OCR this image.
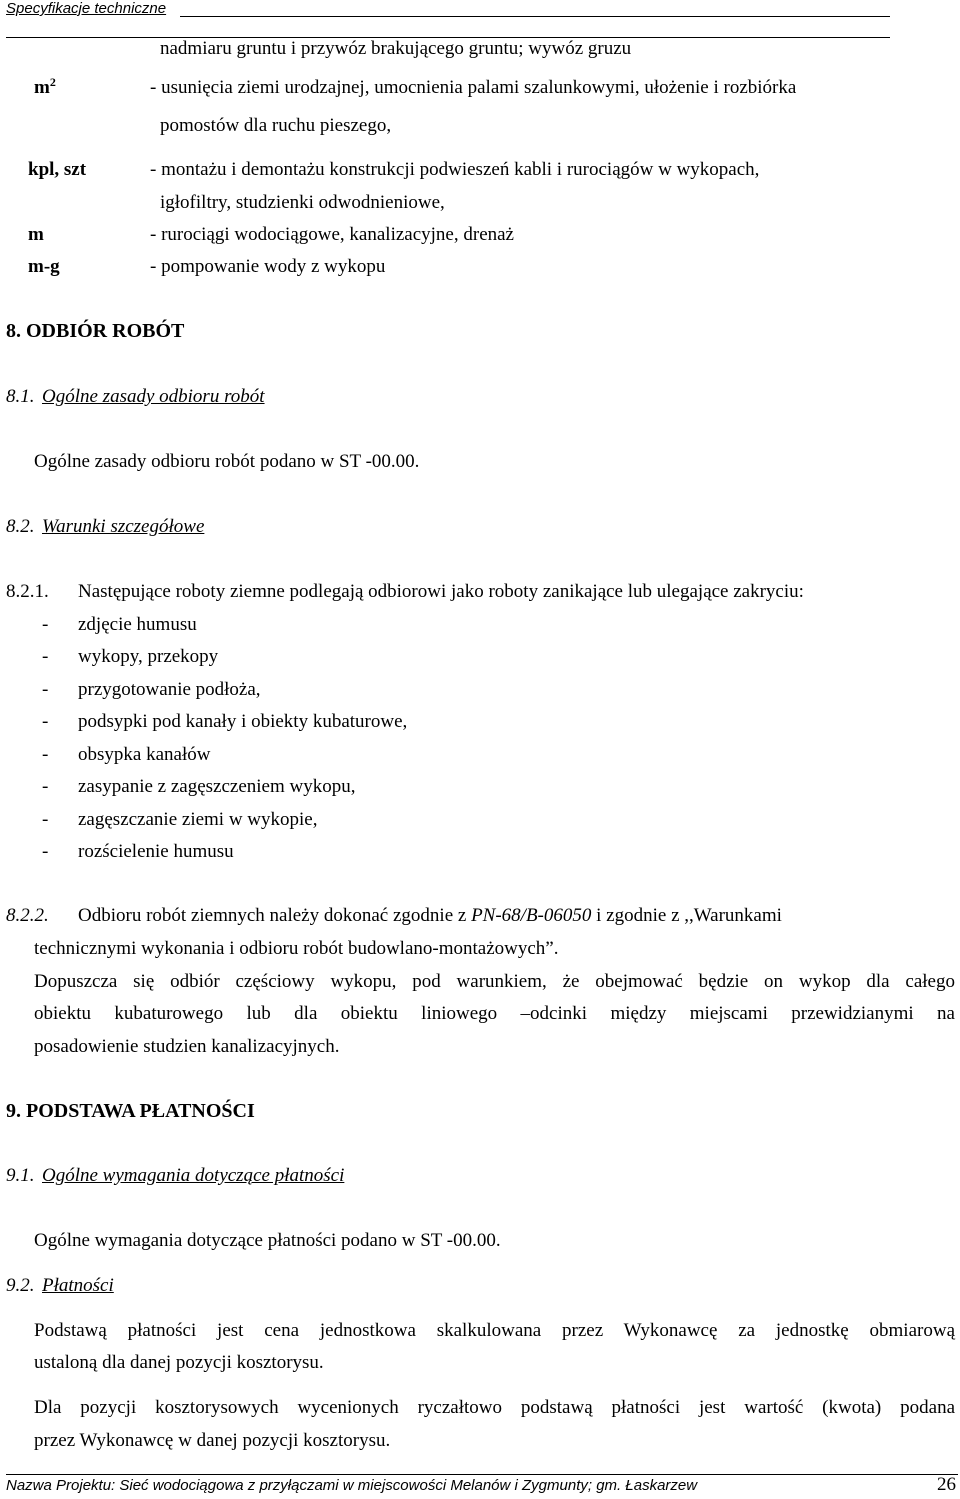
Specyfikacje techniczne
$m^2$
kpl, szt
m
m-g
nadmiaru gruntu i przywóz brakującego gruntu; wywóz gruzu
- usunięcia ziemi urodzajnej, umocnienia palami szalunkowymi, ułożenie i rozbiórka
pomostów dla ruchu pieszego,
- montażu i demontażu konstrukcji podwieszeń kabli i rurociągów w wykopach,
igłofiltry, studzienki odwodnieniowe,
- rurociągi wodociągowe, kanalizacyjne, drenaż
- pompowanie wody z wykopu
8. ODBIÓR ROBÓT
8.1. Ogólne zasady odbioru robót
Ogólne zasady odbioru robót podano w ST -00.00.
8.2. Warunki szczegółowe
8.2.1. Następujące roboty ziemne podlegają odbiorowi jako roboty zanikające lub ulegające zakryciu:
- zdjęcie humusu
- wykopy, przekopy
- przygotowanie podłoża,
- podsypki pod kanały i obiekty kubaturowe,
- obsypka kanałów
- zasypanie z zagęszczeniem wykopu,
- zagęszczanie ziemi w wykopie,
- rozścielenie humusu
8.2.2. Odbioru robót ziemnych należy dokonać zgodnie z PN-68/B-06050 i zgodnie z ,,Warunkami
technicznymi wykonania i odbioru robót budowlano-montażowych”.
Dopuszcza się odbiór częściowy wykopu, pod warunkiem, że obejmować będzie on wykop dla całego
obiektu kubaturowego lub dla obiektu liniowego –odcinki między miejscami przewidzianymi na
posadowienie studzien kanalizacyjnych.
9. PODSTAWA PŁATNOŚCI
9.1. Ogólne wymagania dotyczące płatności
Ogólne wymagania dotyczące płatności podano w ST -00.00.
9.2. Płatności
Podstawą płatności jest cena jednostkowa skalkulowana przez Wykonawcę za jednostkę obmiarową
ustaloną dla danej pozycji kosztorysu.
Dla pozycji kosztorysowych wycenionych ryczałtowo podstawą płatności jest wartość (kwota) podana
przez Wykonawcę w danej pozycji kosztorysu.
Nazwa Projektu: Sieć wodociągowa z przyłączami w miejscowości Melanów i Zygmunty; gm. Łaskarzew	26
